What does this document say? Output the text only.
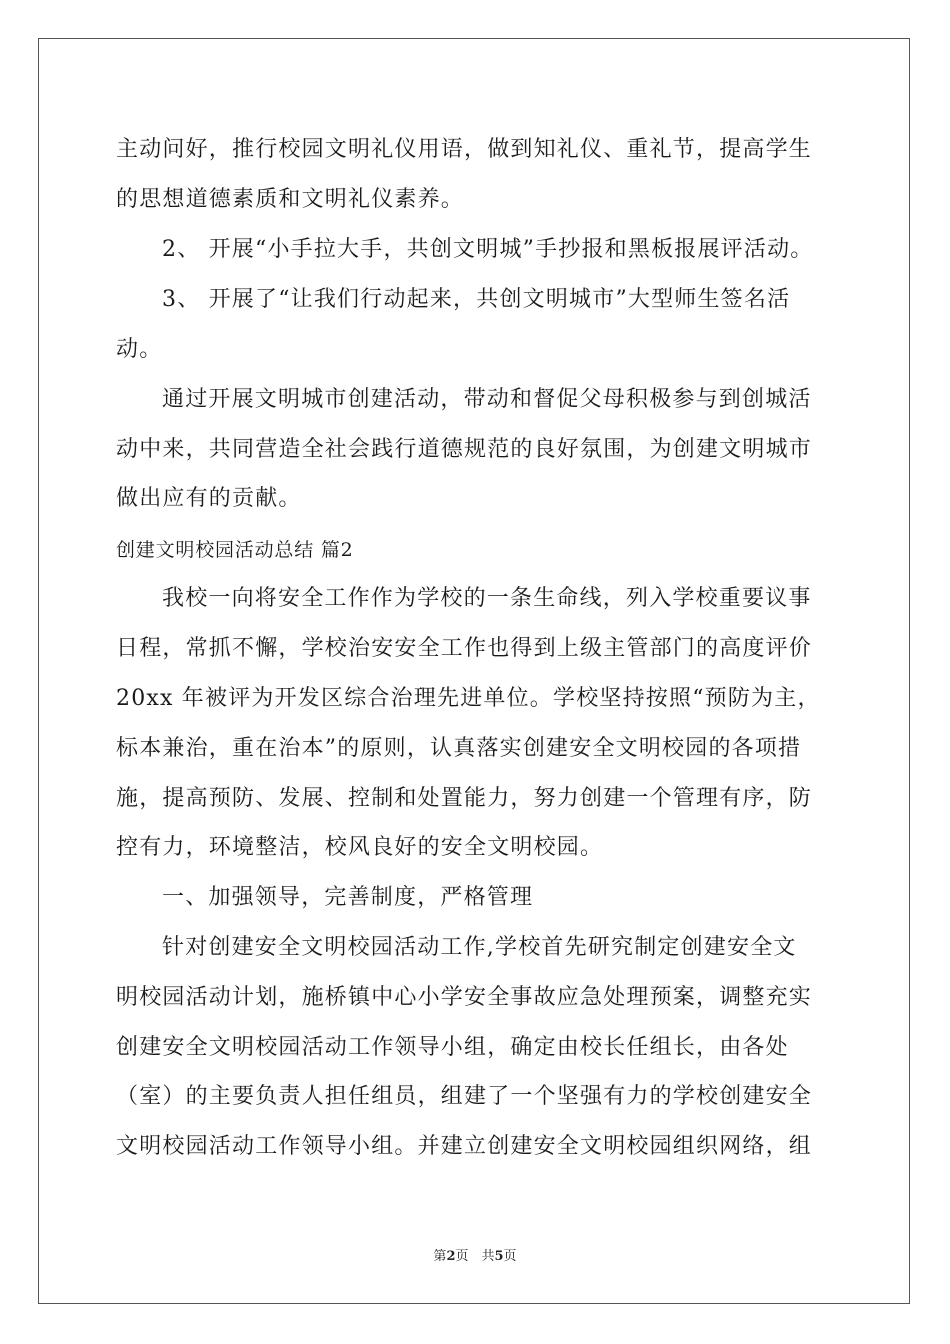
主动问好，推行校园文明礼仪用语，做到知礼仪、重礼节，提高学生
的思想道德素质和文明礼仪素养。
2、 开展“小手拉大手，共创文明城”手抄报和黑板报展评活动。
3、 开展了“让我们行动起来，共创文明城市”大型师生签名活
动。
通过开展文明城市创建活动，带动和督促父母积极参与到创城活
动中来，共同营造全社会践行道德规范的良好氛围，为创建文明城市
做出应有的贡献。
创建文明校园活动总结 篇2
我校一向将安全工作作为学校的一条生命线，列入学校重要议事
日程，常抓不懈，学校治安安全工作也得到上级主管部门的高度评价
20xx 年被评为开发区综合治理先进单位。学校坚持按照“预防为主，
标本兼治，重在治本”的原则，认真落实创建安全文明校园的各项措
施，提高预防、发展、控制和处置能力，努力创建一个管理有序，防
控有力，环境整洁，校风良好的安全文明校园。
一、加强领导，完善制度，严格管理
针对创建安全文明校园活动工作,学校首先研究制定创建安全文
明校园活动计划，施桥镇中心小学安全事故应急处理预案，调整充实
创建安全文明校园活动工作领导小组，确定由校长任组长，由各处
（室）的主要负责人担任组员，组建了一个坚强有力的学校创建安全
文明校园活动工作领导小组。并建立创建安全文明校园组织网络，组
第2页　共5页
